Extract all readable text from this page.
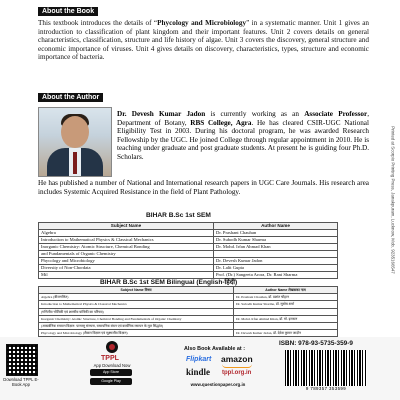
About the Book
This textbook introduces the details of “Phycology and Microbiology” in a systematic manner. Unit 1 gives an introduction to classification of plant kingdom and their important features. Unit 2 covers details on general characteristics, classification, structure and life history of algae. Unit 3 covers the discovery, general structure and economic importance of viruses. Unit 4 gives details on discovery, characteristics, types, structure and economic importance of bacteria.
About the Author
Dr. Devesh Kumar Jadon is currently working as an Associate Professor, Department of Botany, RBS College, Agra. He has cleared CSIR-UGC National Eligibility Test in 2003. During his doctoral program, he was awarded Research Fellowship by the UGC. He joined College through regular appointment in 2010. He is teaching under graduate and post graduate students. At present he is guiding four Ph.D. Scholars.
He has published a number of National and International research papers in UGC Care Journals. His research area includes Systemic Acquired Resistance in the field of Plant Pathology.
BIHAR B.Sc 1st SEM
Subject Name	Author Name
Algebra	Dr. Prashant Chauhan
Introduction to Mathematical Physics & Classical Mechanics	Dr. Subodh Kumar Sharma
Inorganic Chemistry: Atomic Structure, Chemical Bonding	Dr. Mohd. Irfan Ahmad Khan
and Fundamentals of Organic Chemistry	
Phycology and Microbiology	Dr. Devesh Kumar Jadon
Diversity of Non-Chordata	Dr. Lalit Gupta
Mil	Prof. (Dr.) Sangeeta Arora, Dr. Rani Sharma
BIHAR B.Sc 1st SEM Bilingual (English-हिंदी)
Subject Name विषय	Author Name लेखकका नाम
Algebra (बीजगणित)	Dr. Prashant Chauhan, डॉ. प्रशांत चौहान
Introduction to Mathematical Physics & Classical Mechanics	Dr. Subodh Kumar Sharma, डॉ. सुबोध शर्मा
(गणितीय भौतिकी एवं शास्त्रीय यांत्रिकी का परिचय)	
Inorganic Chemistry: Atomic Structure, Chemical Bonding and Fundamentals of Organic Chemistry	Dr. Mohd. Irfan Ahmad Khan, डॉ. मो. इरफान
(अकार्बनिक रसायन विज्ञान: परमाणु संरचना, रासायनिक बंधन एवं कार्बनिक रसायन के मूल सिद्धांत)	
Phycology and Microbiology (शैवाल विज्ञान एवं सूक्ष्मजीव विज्ञान)	Dr. Devesh Kumar Jadon, डॉ. देवेश कुमार जादौन

Download TPPL E-Book App
TPPL
App Download Now
App Store
Google Play
Also Book Available at :
Flipkart amazon
kindle tppl.org.in
www.questionpaper.org.in
ISBN: 978-93-5735-359-9
9 789357 353599
Printed at Scorpio Printing Press, Janakpuram, Lucknow, Mob. 9235166547
